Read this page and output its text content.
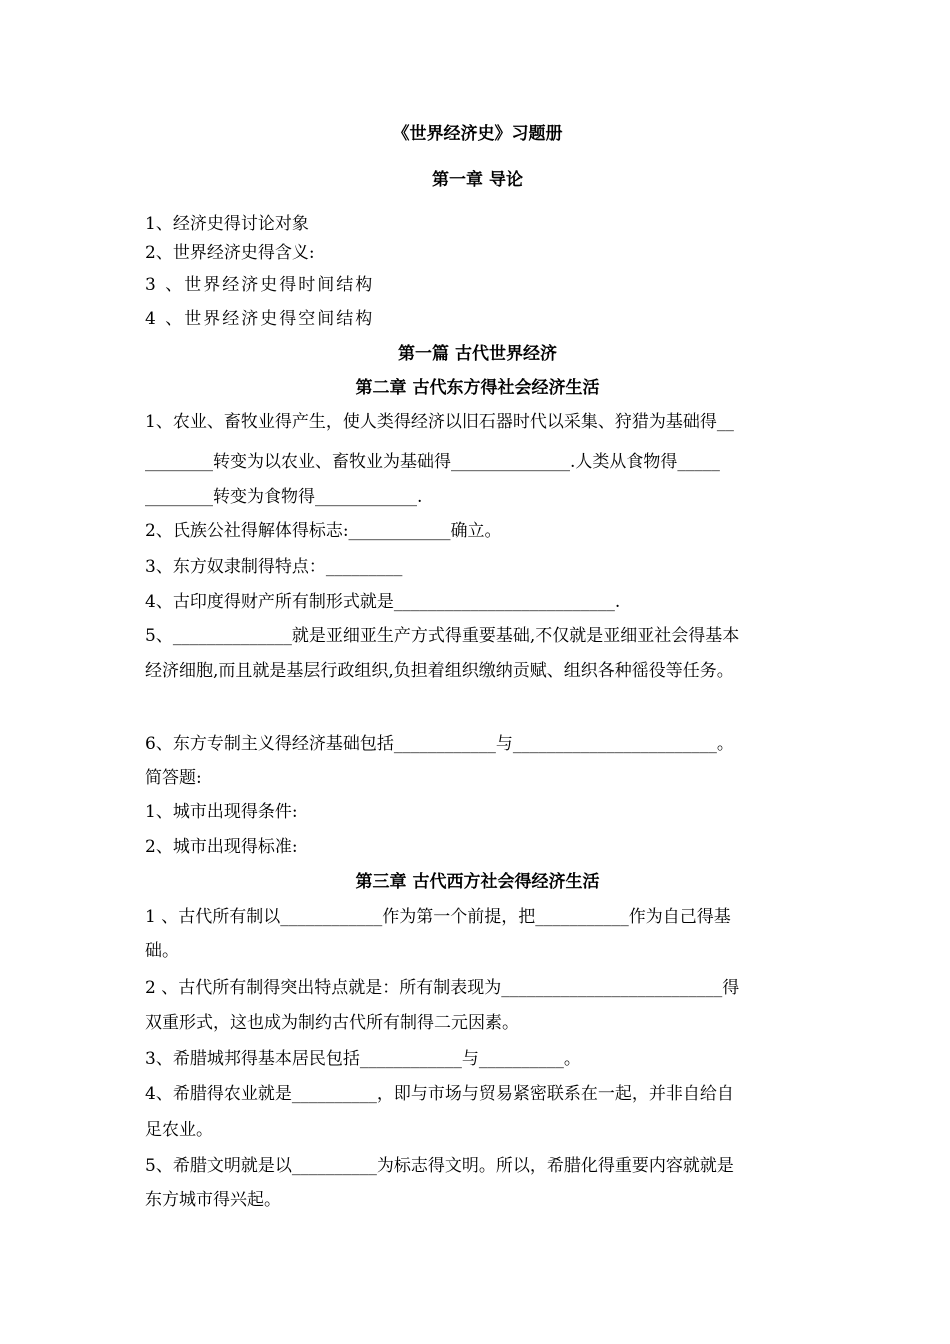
《世界经济史》习题册
第一章 导论
1、经济史得讨论对象
2、世界经济史得含义:
3 、世界经济史得时间结构
4 、世界经济史得空间结构
第一篇 古代世界经济
第二章 古代东方得社会经济生活
1、农业、畜牧业得产生，使人类得经济以旧石器时代以采集、狩猎为基础得__
________转变为以农业、畜牧业为基础得______________.人类从食物得_____
________转变为食物得____________.
2、氏族公社得解体得标志:____________确立。
3、东方奴隶制得特点：_________
4、古印度得财产所有制形式就是__________________________.
5、______________就是亚细亚生产方式得重要基础,不仅就是亚细亚社会得基本
经济细胞,而且就是基层行政组织,负担着组织缴纳贡赋、组织各种徭役等任务。
6、东方专制主义得经济基础包括____________与________________________。
简答题:
1、城市出现得条件:
2、城市出现得标准:
第三章 古代西方社会得经济生活
1 、古代所有制以____________作为第一个前提，把___________作为自己得基
础。
2 、古代所有制得突出特点就是：所有制表现为__________________________得
双重形式，这也成为制约古代所有制得二元因素。
3、希腊城邦得基本居民包括____________与__________。
4、希腊得农业就是__________，即与市场与贸易紧密联系在一起，并非自给自
足农业。
5、希腊文明就是以__________为标志得文明。所以，希腊化得重要内容就就是
东方城市得兴起。
